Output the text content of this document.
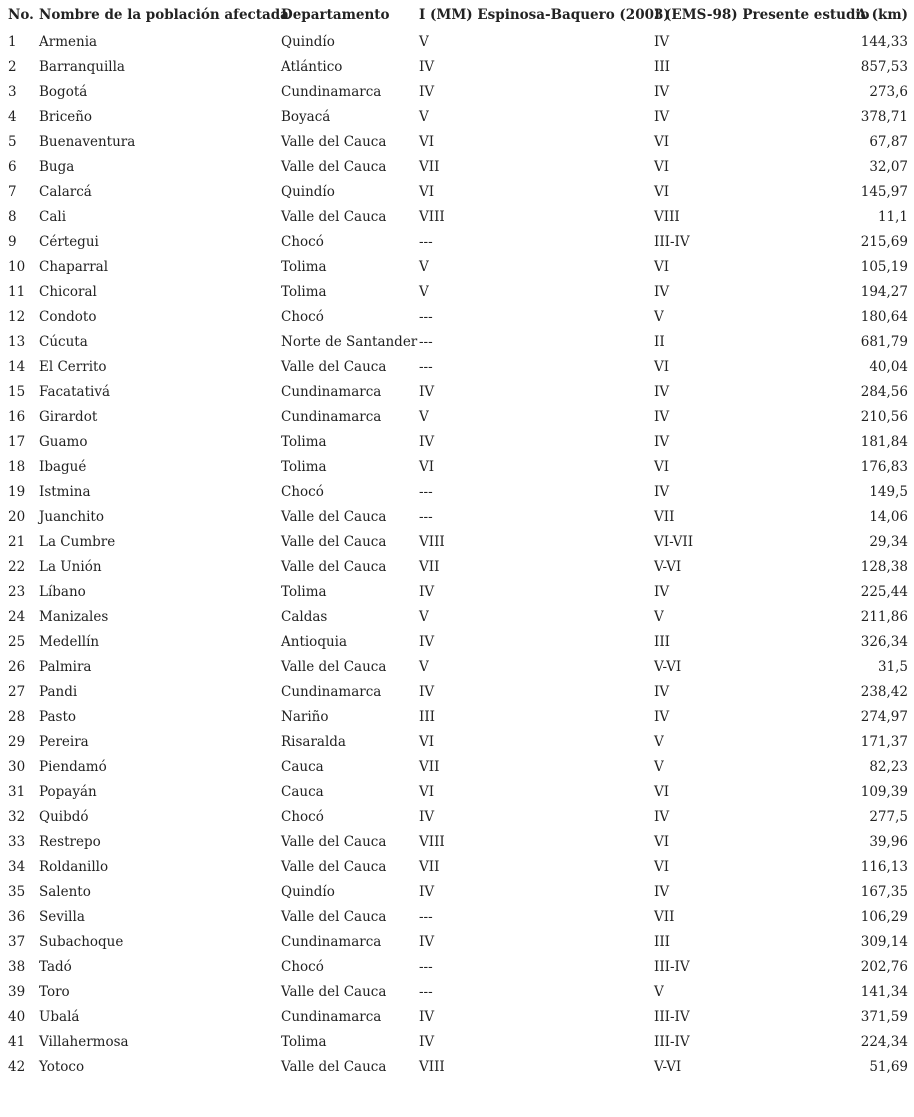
No.	Nombre de la población afectada	Departamento	I (MM) Espinosa-Baquero (2003)	I (EMS-98) Presente estudio	Δ (km)
1	Armenia	Quindío	V	IV	144,33
2	Barranquilla	Atlántico	IV	III	857,53
3	Bogotá	Cundinamarca	IV	IV	273,6
4	Briceño	Boyacá	V	IV	378,71
5	Buenaventura	Valle del Cauca	VI	VI	67,87
6	Buga	Valle del Cauca	VII	VI	32,07
7	Calarcá	Quindío	VI	VI	145,97
8	Cali	Valle del Cauca	VIII	VIII	11,1
9	Cértegui	Chocó	---	III-IV	215,69
10	Chaparral	Tolima	V	VI	105,19
11	Chicoral	Tolima	V	IV	194,27
12	Condoto	Chocó	---	V	180,64
13	Cúcuta	Norte de Santander	---	II	681,79
14	El Cerrito	Valle del Cauca	---	VI	40,04
15	Facatativá	Cundinamarca	IV	IV	284,56
16	Girardot	Cundinamarca	V	IV	210,56
17	Guamo	Tolima	IV	IV	181,84
18	Ibagué	Tolima	VI	VI	176,83
19	Istmina	Chocó	---	IV	149,5
20	Juanchito	Valle del Cauca	---	VII	14,06
21	La Cumbre	Valle del Cauca	VIII	VI-VII	29,34
22	La Unión	Valle del Cauca	VII	V-VI	128,38
23	Líbano	Tolima	IV	IV	225,44
24	Manizales	Caldas	V	V	211,86
25	Medellín	Antioquia	IV	III	326,34
26	Palmira	Valle del Cauca	V	V-VI	31,5
27	Pandi	Cundinamarca	IV	IV	238,42
28	Pasto	Nariño	III	IV	274,97
29	Pereira	Risaralda	VI	V	171,37
30	Piendamó	Cauca	VII	V	82,23
31	Popayán	Cauca	VI	VI	109,39
32	Quibdó	Chocó	IV	IV	277,5
33	Restrepo	Valle del Cauca	VIII	VI	39,96
34	Roldanillo	Valle del Cauca	VII	VI	116,13
35	Salento	Quindío	IV	IV	167,35
36	Sevilla	Valle del Cauca	---	VII	106,29
37	Subachoque	Cundinamarca	IV	III	309,14
38	Tadó	Chocó	---	III-IV	202,76
39	Toro	Valle del Cauca	---	V	141,34
40	Ubalá	Cundinamarca	IV	III-IV	371,59
41	Villahermosa	Tolima	IV	III-IV	224,34
42	Yotoco	Valle del Cauca	VIII	V-VI	51,69
